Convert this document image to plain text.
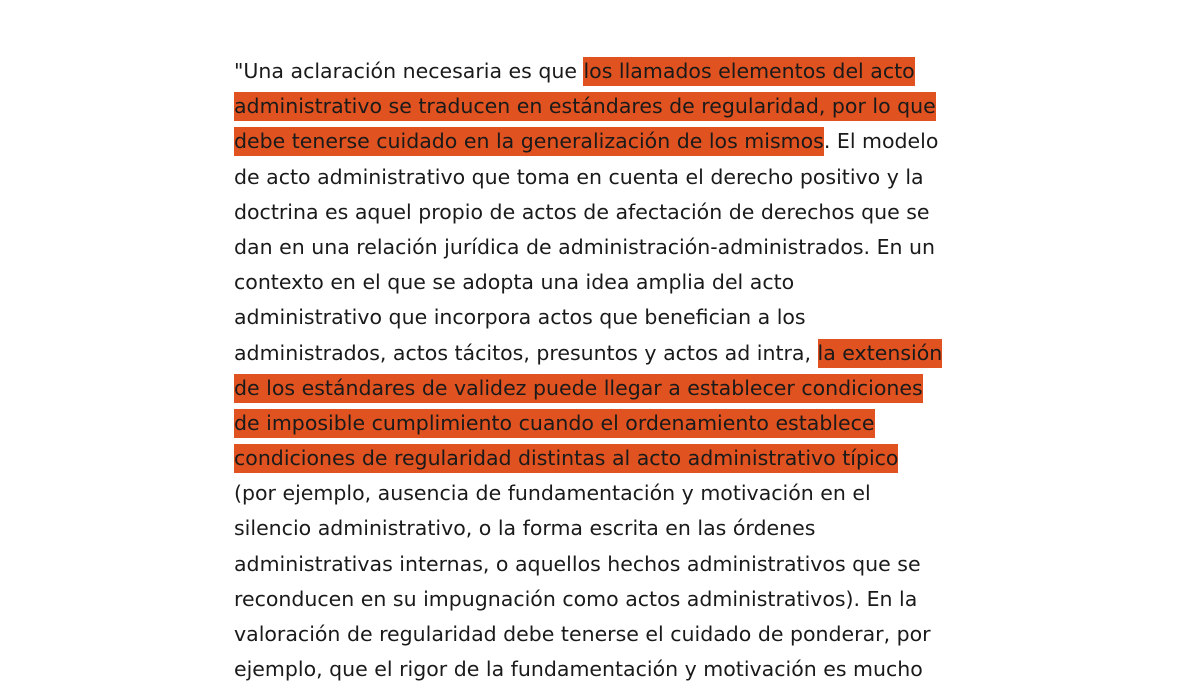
"Una aclaración necesaria es que los llamados elementos del acto
administrativo se traducen en estándares de regularidad, por lo que
debe tenerse cuidado en la generalización de los mismos. El modelo
de acto administrativo que toma en cuenta el derecho positivo y la
doctrina es aquel propio de actos de afectación de derechos que se
dan en una relación jurídica de administración-administrados. En un
contexto en el que se adopta una idea amplia del acto
administrativo que incorpora actos que benefician a los
administrados, actos tácitos, presuntos y actos ad intra, la extensión
de los estándares de validez puede llegar a establecer condiciones
de imposible cumplimiento cuando el ordenamiento establece
condiciones de regularidad distintas al acto administrativo típico
(por ejemplo, ausencia de fundamentación y motivación en el
silencio administrativo, o la forma escrita en las órdenes
administrativas internas, o aquellos hechos administrativos que se
reconducen en su impugnación como actos administrativos). En la
valoración de regularidad debe tenerse el cuidado de ponderar, por
ejemplo, que el rigor de la fundamentación y motivación es mucho
